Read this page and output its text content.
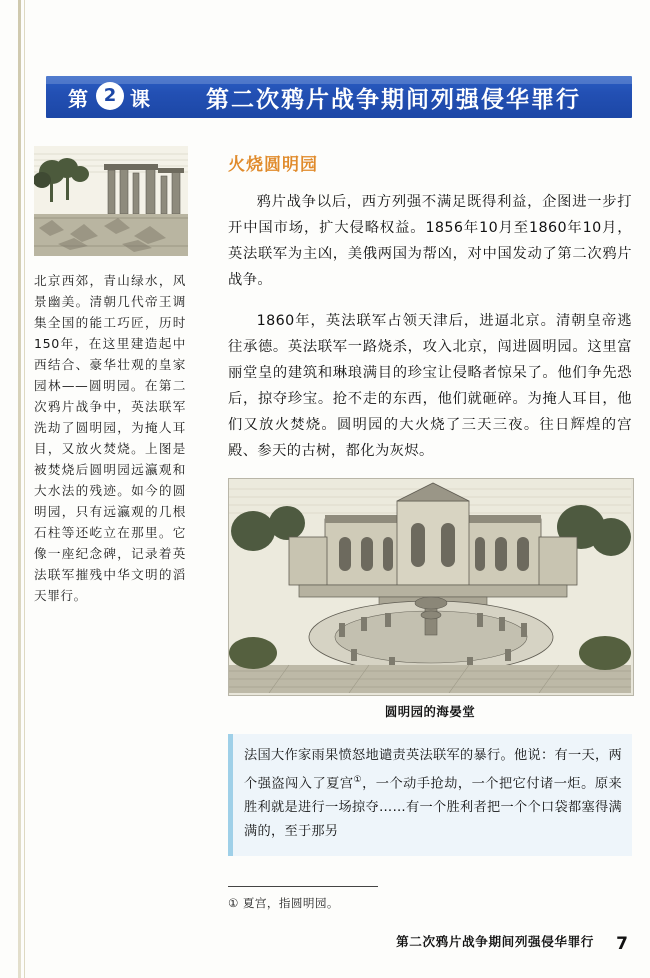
第 2 课 第二次鸦片战争期间列强侵华罪行
北京西郊，青山绿水，风景幽美。清朝几代帝王调集全国的能工巧匠，历时150年，在这里建造起中西结合、豪华壮观的皇家园林——圆明园。在第二次鸦片战争中，英法联军洗劫了圆明园，为掩人耳目，又放火焚烧。上图是被焚烧后圆明园远瀛观和大水法的残迹。如今的圆明园，只有远瀛观的几根石柱等还屹立在那里。它像一座纪念碑，记录着英法联军摧残中华文明的滔天罪行。
火烧圆明园

鸦片战争以后，西方列强不满足既得利益，企图进一步打开中国市场，扩大侵略权益。1856年10月至1860年10月，英法联军为主凶，美俄两国为帮凶，对中国发动了第二次鸦片战争。

1860年，英法联军占领天津后，进逼北京。清朝皇帝逃往承德。英法联军一路烧杀，攻入北京，闯进圆明园。这里富丽堂皇的建筑和琳琅满目的珍宝让侵略者惊呆了。他们争先恐后，掠夺珍宝。抢不走的东西，他们就砸碎。为掩人耳目，他们又放火焚烧。圆明园的大火烧了三天三夜。往日辉煌的宫殿、参天的古树，都化为灰烬。

圆明园的海晏堂
法国大作家雨果愤怒地谴责英法联军的暴行。他说：有一天，两个强盗闯入了夏宫①，一个动手抢劫，一个把它付诸一炬。原来胜利就是进行一场掠夺……有一个胜利者把一个个口袋都塞得满满的，至于那另
① 夏宫，指圆明园。
第二次鸦片战争期间列强侵华罪行 7
